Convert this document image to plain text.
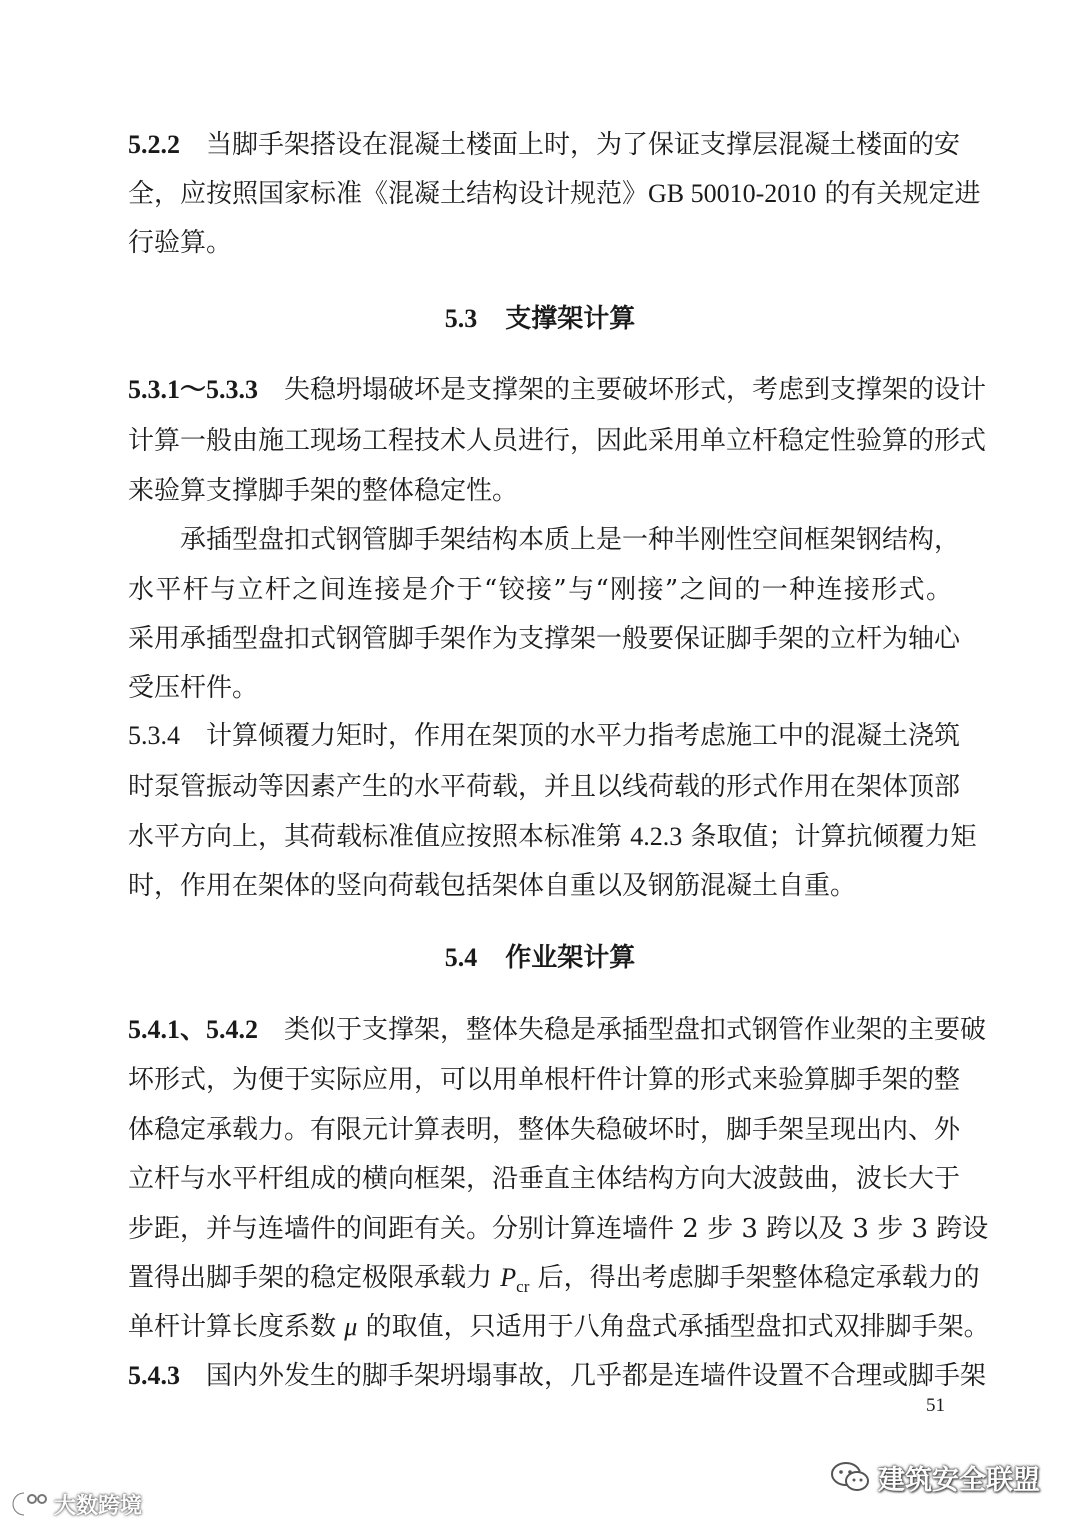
5.2.2 当脚手架搭设在混凝土楼面上时，为了保证支撑层混凝土楼面的安
全，应按照国家标准《混凝土结构设计规范》GB 50010-2010 的有关规定进
行验算。
5.3 支撑架计算
5.3.1～5.3.3 失稳坍塌破坏是支撑架的主要破坏形式，考虑到支撑架的设计
计算一般由施工现场工程技术人员进行，因此采用单立杆稳定性验算的形式
来验算支撑脚手架的整体稳定性。
承插型盘扣式钢管脚手架结构本质上是一种半刚性空间框架钢结构，
水平杆与立杆之间连接是介于“铰接”与“刚接”之间的一种连接形式。
采用承插型盘扣式钢管脚手架作为支撑架一般要保证脚手架的立杆为轴心
受压杆件。
5.3.4 计算倾覆力矩时，作用在架顶的水平力指考虑施工中的混凝土浇筑
时泵管振动等因素产生的水平荷载，并且以线荷载的形式作用在架体顶部
水平方向上，其荷载标准值应按照本标准第 4.2.3 条取值；计算抗倾覆力矩
时，作用在架体的竖向荷载包括架体自重以及钢筋混凝土自重。
5.4 作业架计算
5.4.1、5.4.2 类似于支撑架，整体失稳是承插型盘扣式钢管作业架的主要破
坏形式，为便于实际应用，可以用单根杆件计算的形式来验算脚手架的整
体稳定承载力。有限元计算表明，整体失稳破坏时，脚手架呈现出内、外
立杆与水平杆组成的横向框架，沿垂直主体结构方向大波鼓曲，波长大于
步距，并与连墙件的间距有关。分别计算连墙件 2 步 3 跨以及 3 步 3 跨设
置得出脚手架的稳定极限承载力 $P_{cr}$ 后，得出考虑脚手架整体稳定承载力的
单杆计算长度系数 μ 的取值，只适用于八角盘式承插型盘扣式双排脚手架。
5.4.3 国内外发生的脚手架坍塌事故，几乎都是连墙件设置不合理或脚手架
51
建筑安全联盟
大数跨境
